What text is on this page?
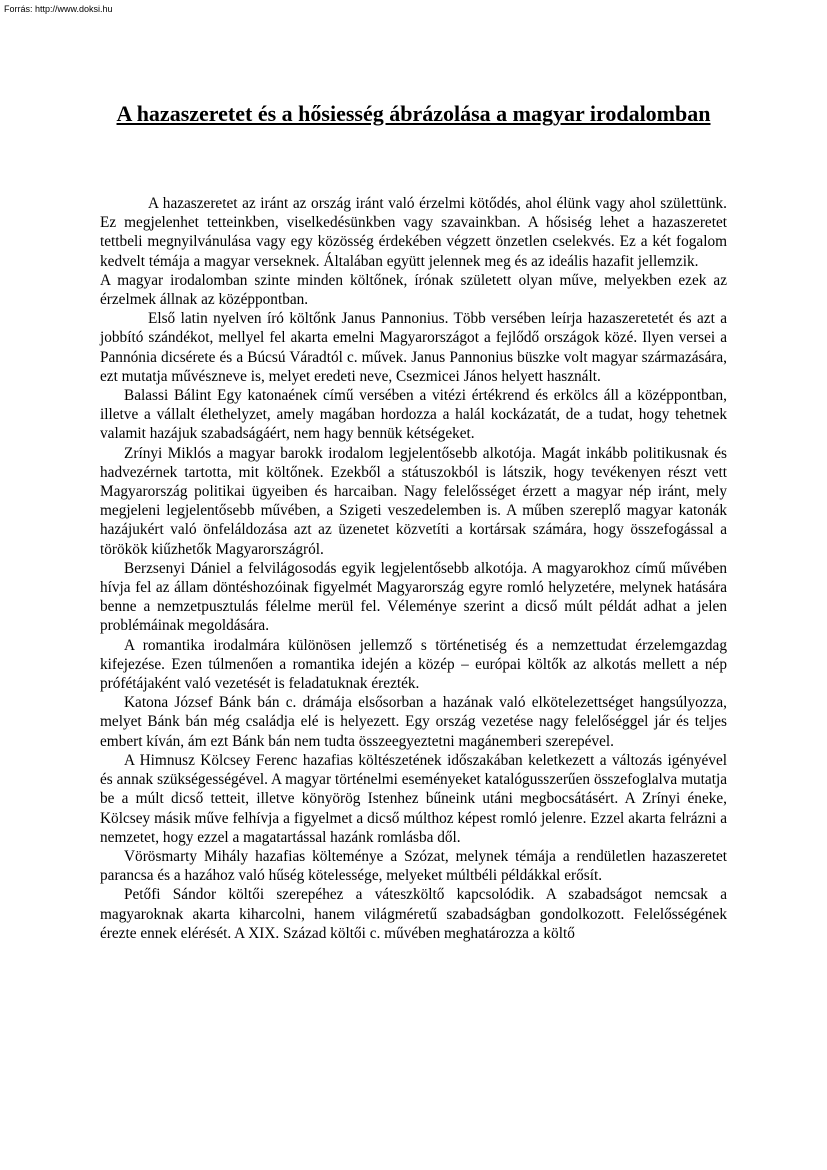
Forrás: http://www.doksi.hu
A hazaszeretet és a hősiesség ábrázolása a magyar irodalomban

A hazaszeretet az iránt az ország iránt való érzelmi kötődés, ahol élünk vagy ahol születtünk. Ez megjelenhet tetteinkben, viselkedésünkben vagy szavainkban. A hősiség lehet a hazaszeretet tettbeli megnyilvánulása vagy egy közösség érdekében végzett önzetlen cselekvés. Ez a két fogalom kedvelt témája a magyar verseknek. Általában együtt jelennek meg és az ideális hazafit jellemzik.

A magyar irodalomban szinte minden költőnek, írónak született olyan műve, melyekben ezek az érzelmek állnak az középpontban.

Első latin nyelven író költőnk Janus Pannonius. Több versében leírja hazaszeretetét és azt a jobbító szándékot, mellyel fel akarta emelni Magyarországot a fejlődő országok közé. Ilyen versei a Pannónia dicsérete és a Búcsú Váradtól c. művek. Janus Pannonius büszke volt magyar származására, ezt mutatja művészneve is, melyet eredeti neve, Csezmicei János helyett használt.

Balassi Bálint Egy katonaének című versében a vitézi értékrend és erkölcs áll a középpontban, illetve a vállalt élethelyzet, amely magában hordozza a halál kockázatát, de a tudat, hogy tehetnek valamit hazájuk szabadságáért, nem hagy bennük kétségeket.

Zrínyi Miklós a magyar barokk irodalom legjelentősebb alkotója. Magát inkább politikusnak és hadvezérnek tartotta, mit költőnek. Ezekből a státuszokból is látszik, hogy tevékenyen részt vett Magyarország politikai ügyeiben és harcaiban. Nagy felelősséget érzett a magyar nép iránt, mely megjeleni legjelentősebb művében, a Szigeti veszedelemben is. A műben szereplő magyar katonák hazájukért való önfeláldozása azt az üzenetet közvetíti a kortársak számára, hogy összefogással a törökök kiűzhetők Magyarországról.

Berzsenyi Dániel a felvilágosodás egyik legjelentősebb alkotója. A magyarokhoz című művében hívja fel az állam döntéshozóinak figyelmét Magyarország egyre romló helyzetére, melynek hatására benne a nemzetpusztulás félelme merül fel. Véleménye szerint a dicső múlt példát adhat a jelen problémáinak megoldására.

A romantika irodalmára különösen jellemző s történetiség és a nemzettudat érzelemgazdag kifejezése. Ezen túlmenően a romantika idején a közép – európai költők az alkotás mellett a nép prófétájaként való vezetését is feladatuknak érezték.

Katona József Bánk bán c. drámája elsősorban a hazának való elkötelezettséget hangsúlyozza, melyet Bánk bán még családja elé is helyezett. Egy ország vezetése nagy felelőséggel jár és teljes embert kíván, ám ezt Bánk bán nem tudta összeegyeztetni magánemberi szerepével.

A Himnusz Kölcsey Ferenc hazafias költészetének időszakában keletkezett a változás igényével és annak szükségességével. A magyar történelmi eseményeket katalógusszerűen összefoglalva mutatja be a múlt dicső tetteit, illetve könyörög Istenhez bűneink utáni megbocsátásért. A Zrínyi éneke, Kölcsey másik műve felhívja a figyelmet a dicső múlthoz képest romló jelenre. Ezzel akarta felrázni a nemzetet, hogy ezzel a magatartással hazánk romlásba dől.

Vörösmarty Mihály hazafias költeménye a Szózat, melynek témája a rendületlen hazaszeretet parancsa és a hazához való hűség kötelessége, melyeket múltbéli példákkal erősít.

Petőfi Sándor költői szerepéhez a váteszköltő kapcsolódik. A szabadságot nemcsak a magyaroknak akarta kiharcolni, hanem világméretű szabadságban gondolkozott. Felelősségének érezte ennek elérését. A XIX. Század költői c. művében meghatározza a költő
